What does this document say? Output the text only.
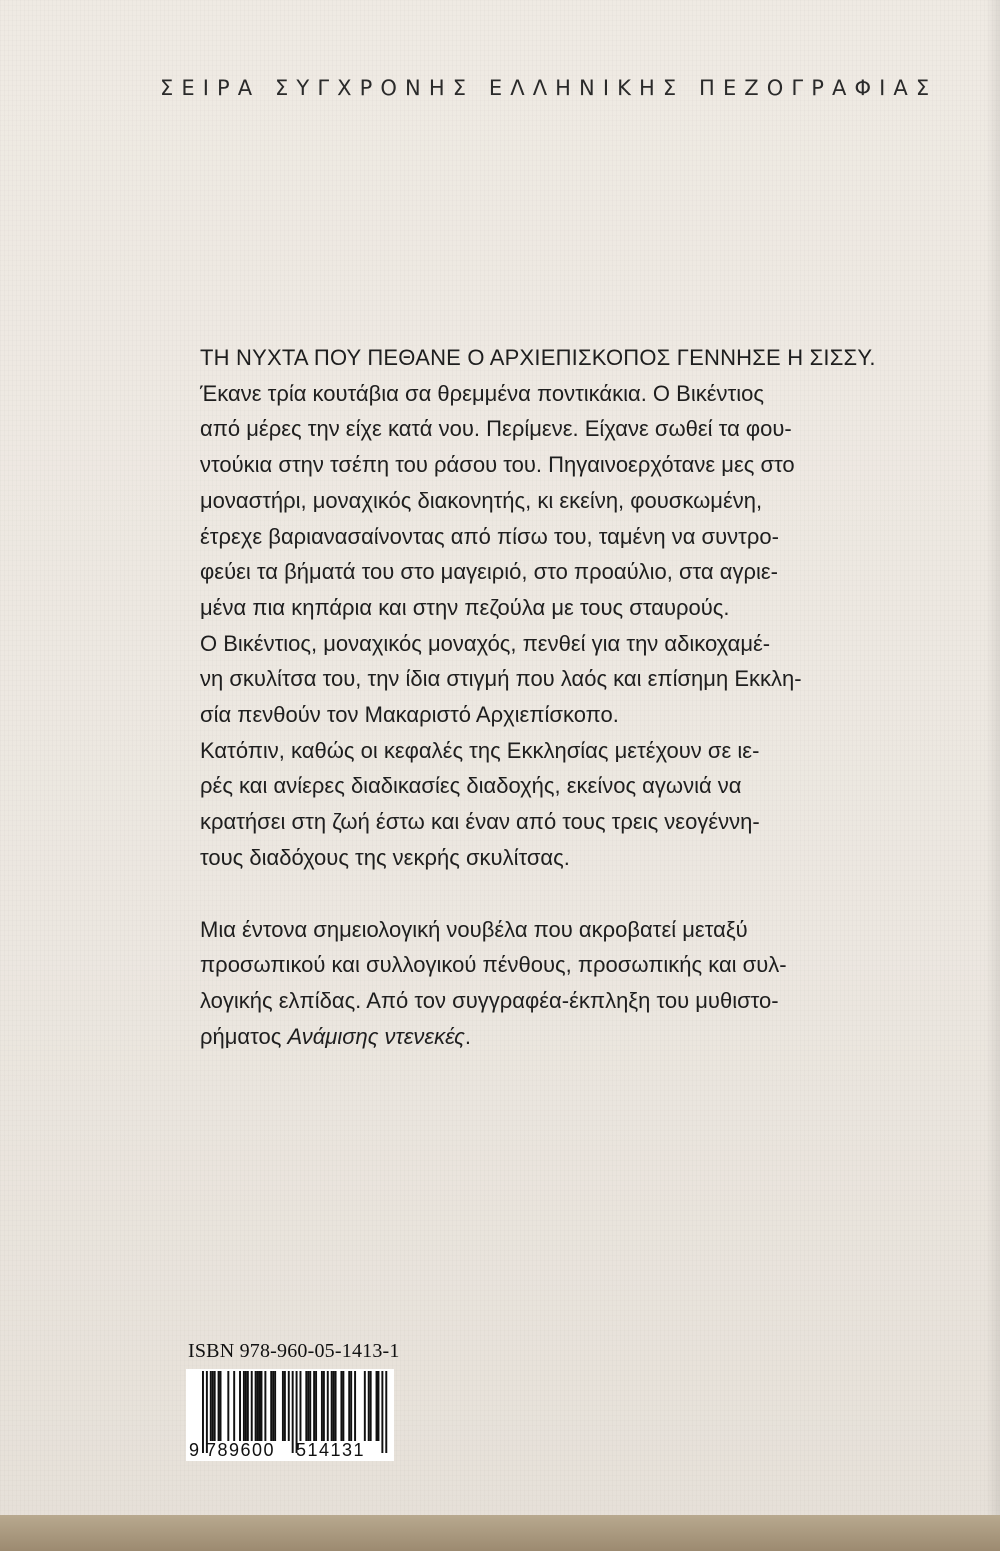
ΣΕΙΡΑ ΣΥΓΧΡΟΝΗΣ ΕΛΛΗΝΙΚΗΣ ΠΕΖΟΓΡΑΦΙΑΣ

ΤΗ ΝΥΧΤΑ ΠΟΥ ΠΕΘΑΝΕ Ο ΑΡΧΙΕΠΙΣΚΟΠΟΣ ΓΕΝΝΗΣΕ Η ΣΙΣΣΥ.

Έκανε τρία κουτάβια σα θρεμμένα ποντικάκια. Ο Βικέντιος

από μέρες την είχε κατά νου. Περίμενε. Είχανε σωθεί τα φου-

ντούκια στην τσέπη του ράσου του. Πηγαινοερχότανε μες στο

μοναστήρι, μοναχικός διακονητής, κι εκείνη, φουσκωμένη,

έτρεχε βαριανασαίνοντας από πίσω του, ταμένη να συντρο-

φεύει τα βήματά του στο μαγειριό, στο προαύλιο, στα αγριε-

μένα πια κηπάρια και στην πεζούλα με τους σταυρούς.

Ο Βικέντιος, μοναχικός μοναχός, πενθεί για την αδικοχαμέ-

νη σκυλίτσα του, την ίδια στιγμή που λαός και επίσημη Εκκλη-

σία πενθούν τον Μακαριστό Αρχιεπίσκοπο.

Κατόπιν, καθώς οι κεφαλές της Εκκλησίας μετέχουν σε ιε-

ρές και ανίερες διαδικασίες διαδοχής, εκείνος αγωνιά να

κρατήσει στη ζωή έστω και έναν από τους τρεις νεογέννη-

τους διαδόχους της νεκρής σκυλίτσας.

Μια έντονα σημειολογική νουβέλα που ακροβατεί μεταξύ

προσωπικού και συλλογικού πένθους, προσωπικής και συλ-

λογικής ελπίδας. Από τον συγγραφέα-έκπληξη του μυθιστο-

ρήματος Ανάμισης ντενεκές.

ISBN 978-960-05-1413-1
9 789600 514131
